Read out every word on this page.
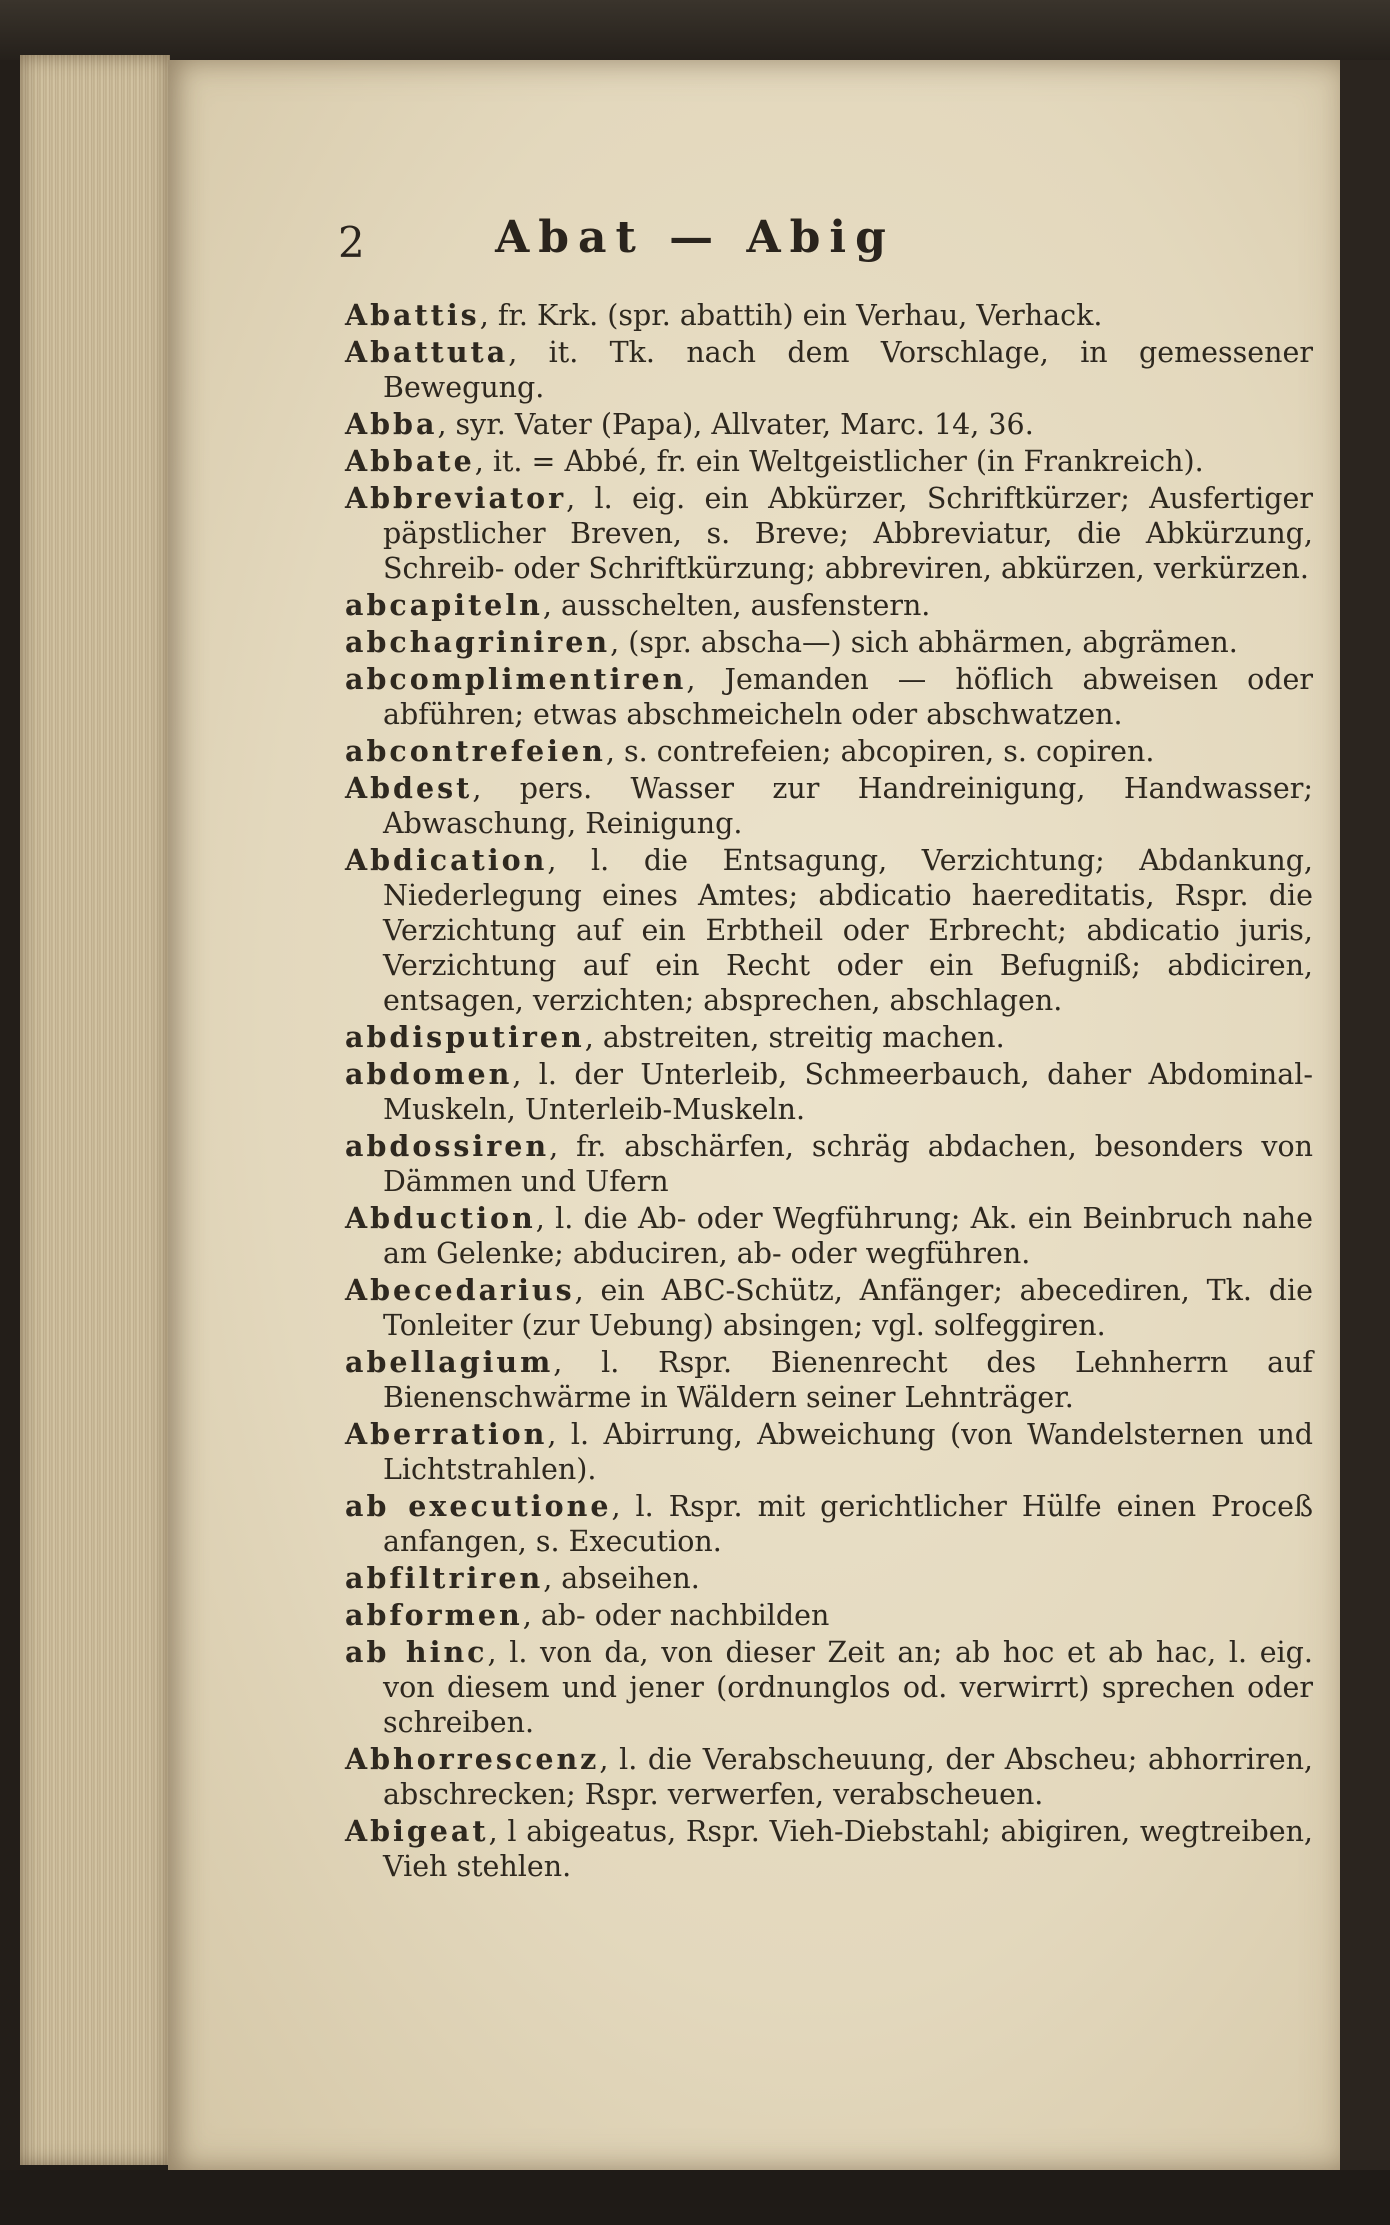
2	Abat — Abig

Abattis, fr. Krk. (spr. abattih) ein Verhau, Verhack.

Abattuta, it. Tk. nach dem Vorschlage, in gemessener Bewegung.

Abba, syr. Vater (Papa), Allvater, Marc. 14, 36.

Abbate, it. = Abbé, fr. ein Weltgeistlicher (in Frankreich).

Abbreviator, l. eig. ein Abkürzer, Schriftkürzer; Ausfertiger päpstlicher Breven, s. Breve; Abbreviatur, die Abkürzung, Schreib- oder Schriftkürzung; abbreviren, abkürzen, verkürzen.

abcapiteln, ausschelten, ausfenstern.

abchagriniren, (spr. abscha—) sich abhärmen, abgrämen.

abcomplimentiren, Jemanden — höflich abweisen oder abführen; etwas abschmeicheln oder abschwatzen.

abcontrefeien, s. contrefeien; abcopiren, s. copiren.

Abdest, pers. Wasser zur Handreinigung, Handwasser; Abwaschung, Reinigung.

Abdication, l. die Entsagung, Verzichtung; Abdankung, Niederlegung eines Amtes; abdicatio haereditatis, Rspr. die Verzichtung auf ein Erbtheil oder Erbrecht; abdicatio juris, Verzichtung auf ein Recht oder ein Befugniß; abdiciren, entsagen, verzichten; absprechen, abschlagen.

abdisputiren, abstreiten, streitig machen.

abdomen, l. der Unterleib, Schmeerbauch, daher Abdominal-Muskeln, Unterleib-Muskeln.

abdossiren, fr. abschärfen, schräg abdachen, besonders von Dämmen und Ufern

Abduction, l. die Ab- oder Wegführung; Ak. ein Beinbruch nahe am Gelenke; abduciren, ab- oder wegführen.

Abecedarius, ein ABC-Schütz, Anfänger; abecediren, Tk. die Tonleiter (zur Uebung) absingen; vgl. solfeggiren.

abellagium, l. Rspr. Bienenrecht des Lehnherrn auf Bienenschwärme in Wäldern seiner Lehnträger.

Aberration, l. Abirrung, Abweichung (von Wandelsternen und Lichtstrahlen).

ab executione, l. Rspr. mit gerichtlicher Hülfe einen Proceß anfangen, s. Execution.

abfiltriren, abseihen.

abformen, ab- oder nachbilden

ab hinc, l. von da, von dieser Zeit an; ab hoc et ab hac, l. eig. von diesem und jener (ordnunglos od. verwirrt) sprechen oder schreiben.

Abhorrescenz, l. die Verabscheuung, der Abscheu; abhorriren, abschrecken; Rspr. verwerfen, verabscheuen.

Abigeat, l abigeatus, Rspr. Vieh-Diebstahl; abigiren, wegtreiben, Vieh stehlen.
